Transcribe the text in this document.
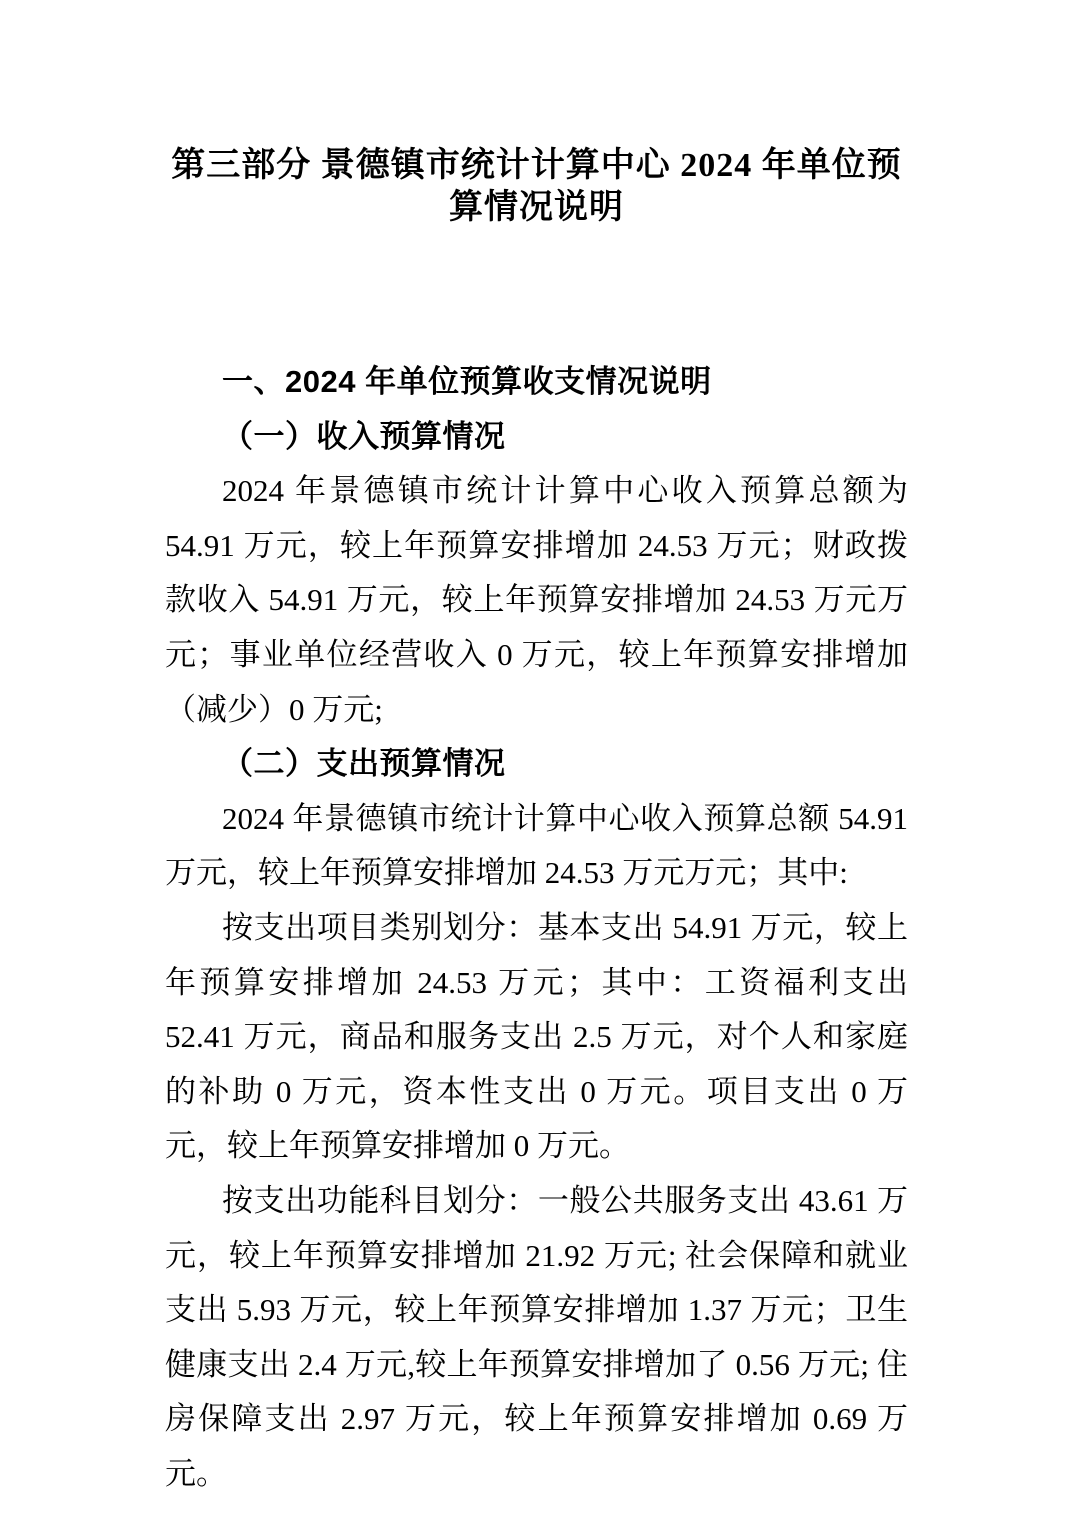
第三部分 景德镇市统计计算中心 2024 年单位预算情况说明

一、2024 年单位预算收支情况说明

（一）收入预算情况

2024 年景德镇市统计计算中心收入预算总额为 54.91 万元，较上年预算安排增加 24.53 万元；财政拨款收入 54.91 万元，较上年预算安排增加 24.53 万元万元；事业单位经营收入 0 万元，较上年预算安排增加（减少）0 万元;

（二）支出预算情况

2024 年景德镇市统计计算中心收入预算总额 54.91 万元，较上年预算安排增加 24.53 万元万元；其中:

按支出项目类别划分：基本支出 54.91 万元，较上年预算安排增加 24.53 万元；其中：工资福利支出 52.41 万元，商品和服务支出 2.5 万元，对个人和家庭的补助 0 万元，资本性支出 0 万元。项目支出 0 万元，较上年预算安排增加 0 万元。

按支出功能科目划分：一般公共服务支出 43.61 万元，较上年预算安排增加 21.92 万元; 社会保障和就业支出 5.93 万元，较上年预算安排增加 1.37 万元；卫生健康支出 2.4 万元,较上年预算安排增加了 0.56 万元; 住房保障支出 2.97 万元，较上年预算安排增加 0.69 万元。
